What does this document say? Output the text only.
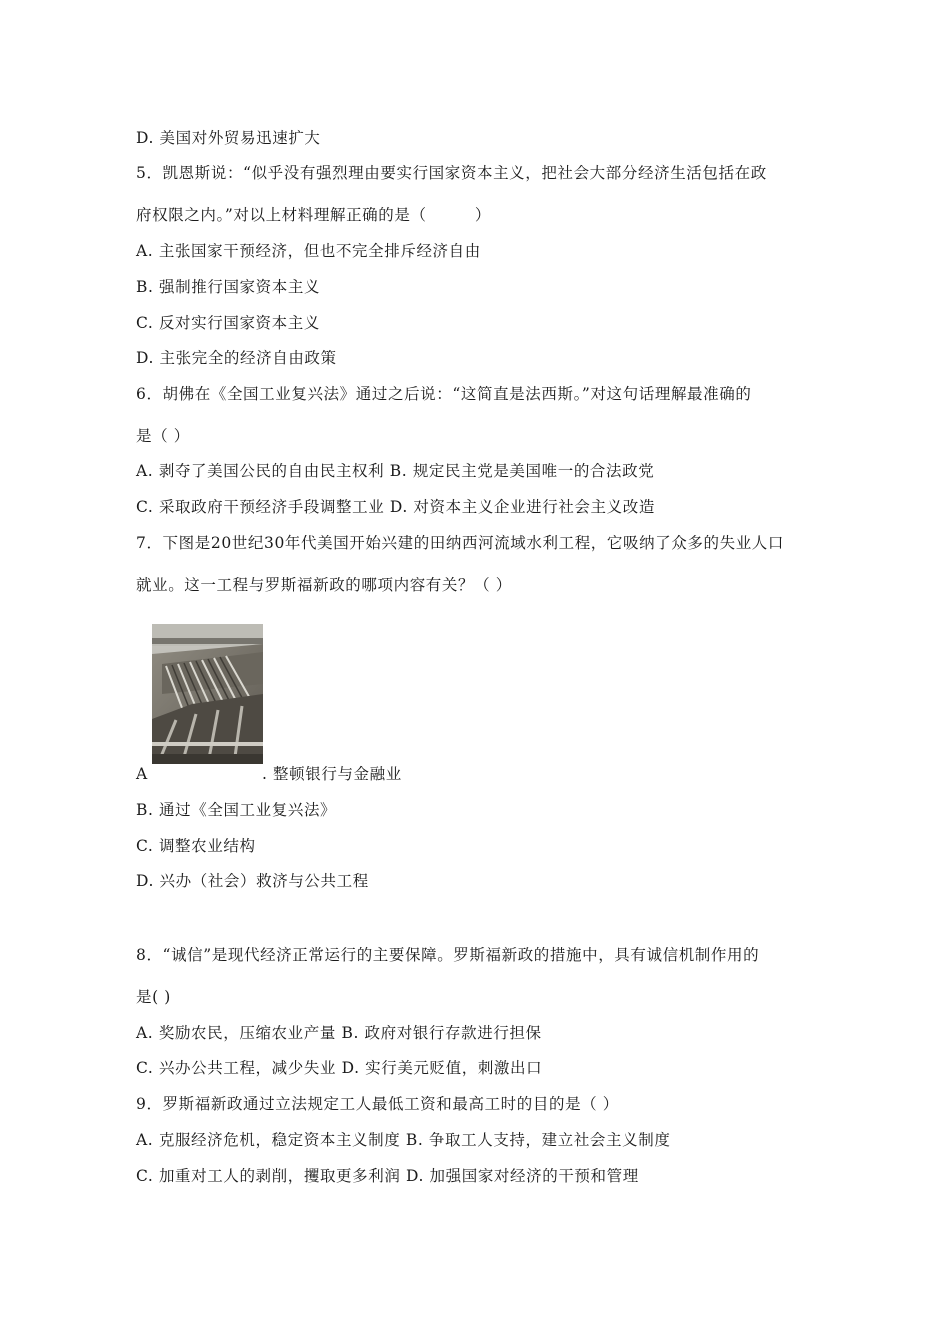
D. 美国对外贸易迅速扩大
5．凯恩斯说：“似乎没有强烈理由要实行国家资本主义，把社会大部分经济生活包括在政
府权限之内。”对以上材料理解正确的是（　　　）
A. 主张国家干预经济，但也不完全排斥经济自由
B. 强制推行国家资本主义
C. 反对实行国家资本主义
D. 主张完全的经济自由政策
6．胡佛在《全国工业复兴法》通过之后说：“这简直是法西斯。”对这句话理解最准确的
是（ ）
A. 剥夺了美国公民的自由民主权利 B. 规定民主党是美国唯一的合法政党
C. 采取政府干预经济手段调整工业 D. 对资本主义企业进行社会主义改造
7．下图是20世纪30年代美国开始兴建的田纳西河流域水利工程，它吸纳了众多的失业人口
就业。这一工程与罗斯福新政的哪项内容有关？（ ）
A	. 整顿银行与金融业
B. 通过《全国工业复兴法》
C. 调整农业结构
D. 兴办（社会）救济与公共工程
8．“诚信”是现代经济正常运行的主要保障。罗斯福新政的措施中，具有诚信机制作用的
是( )
A. 奖励农民，压缩农业产量 B. 政府对银行存款进行担保
C. 兴办公共工程，减少失业 D. 实行美元贬值，刺激出口
9．罗斯福新政通过立法规定工人最低工资和最高工时的目的是（ ）
A. 克服经济危机，稳定资本主义制度 B. 争取工人支持，建立社会主义制度
C. 加重对工人的剥削，攫取更多利润 D. 加强国家对经济的干预和管理
